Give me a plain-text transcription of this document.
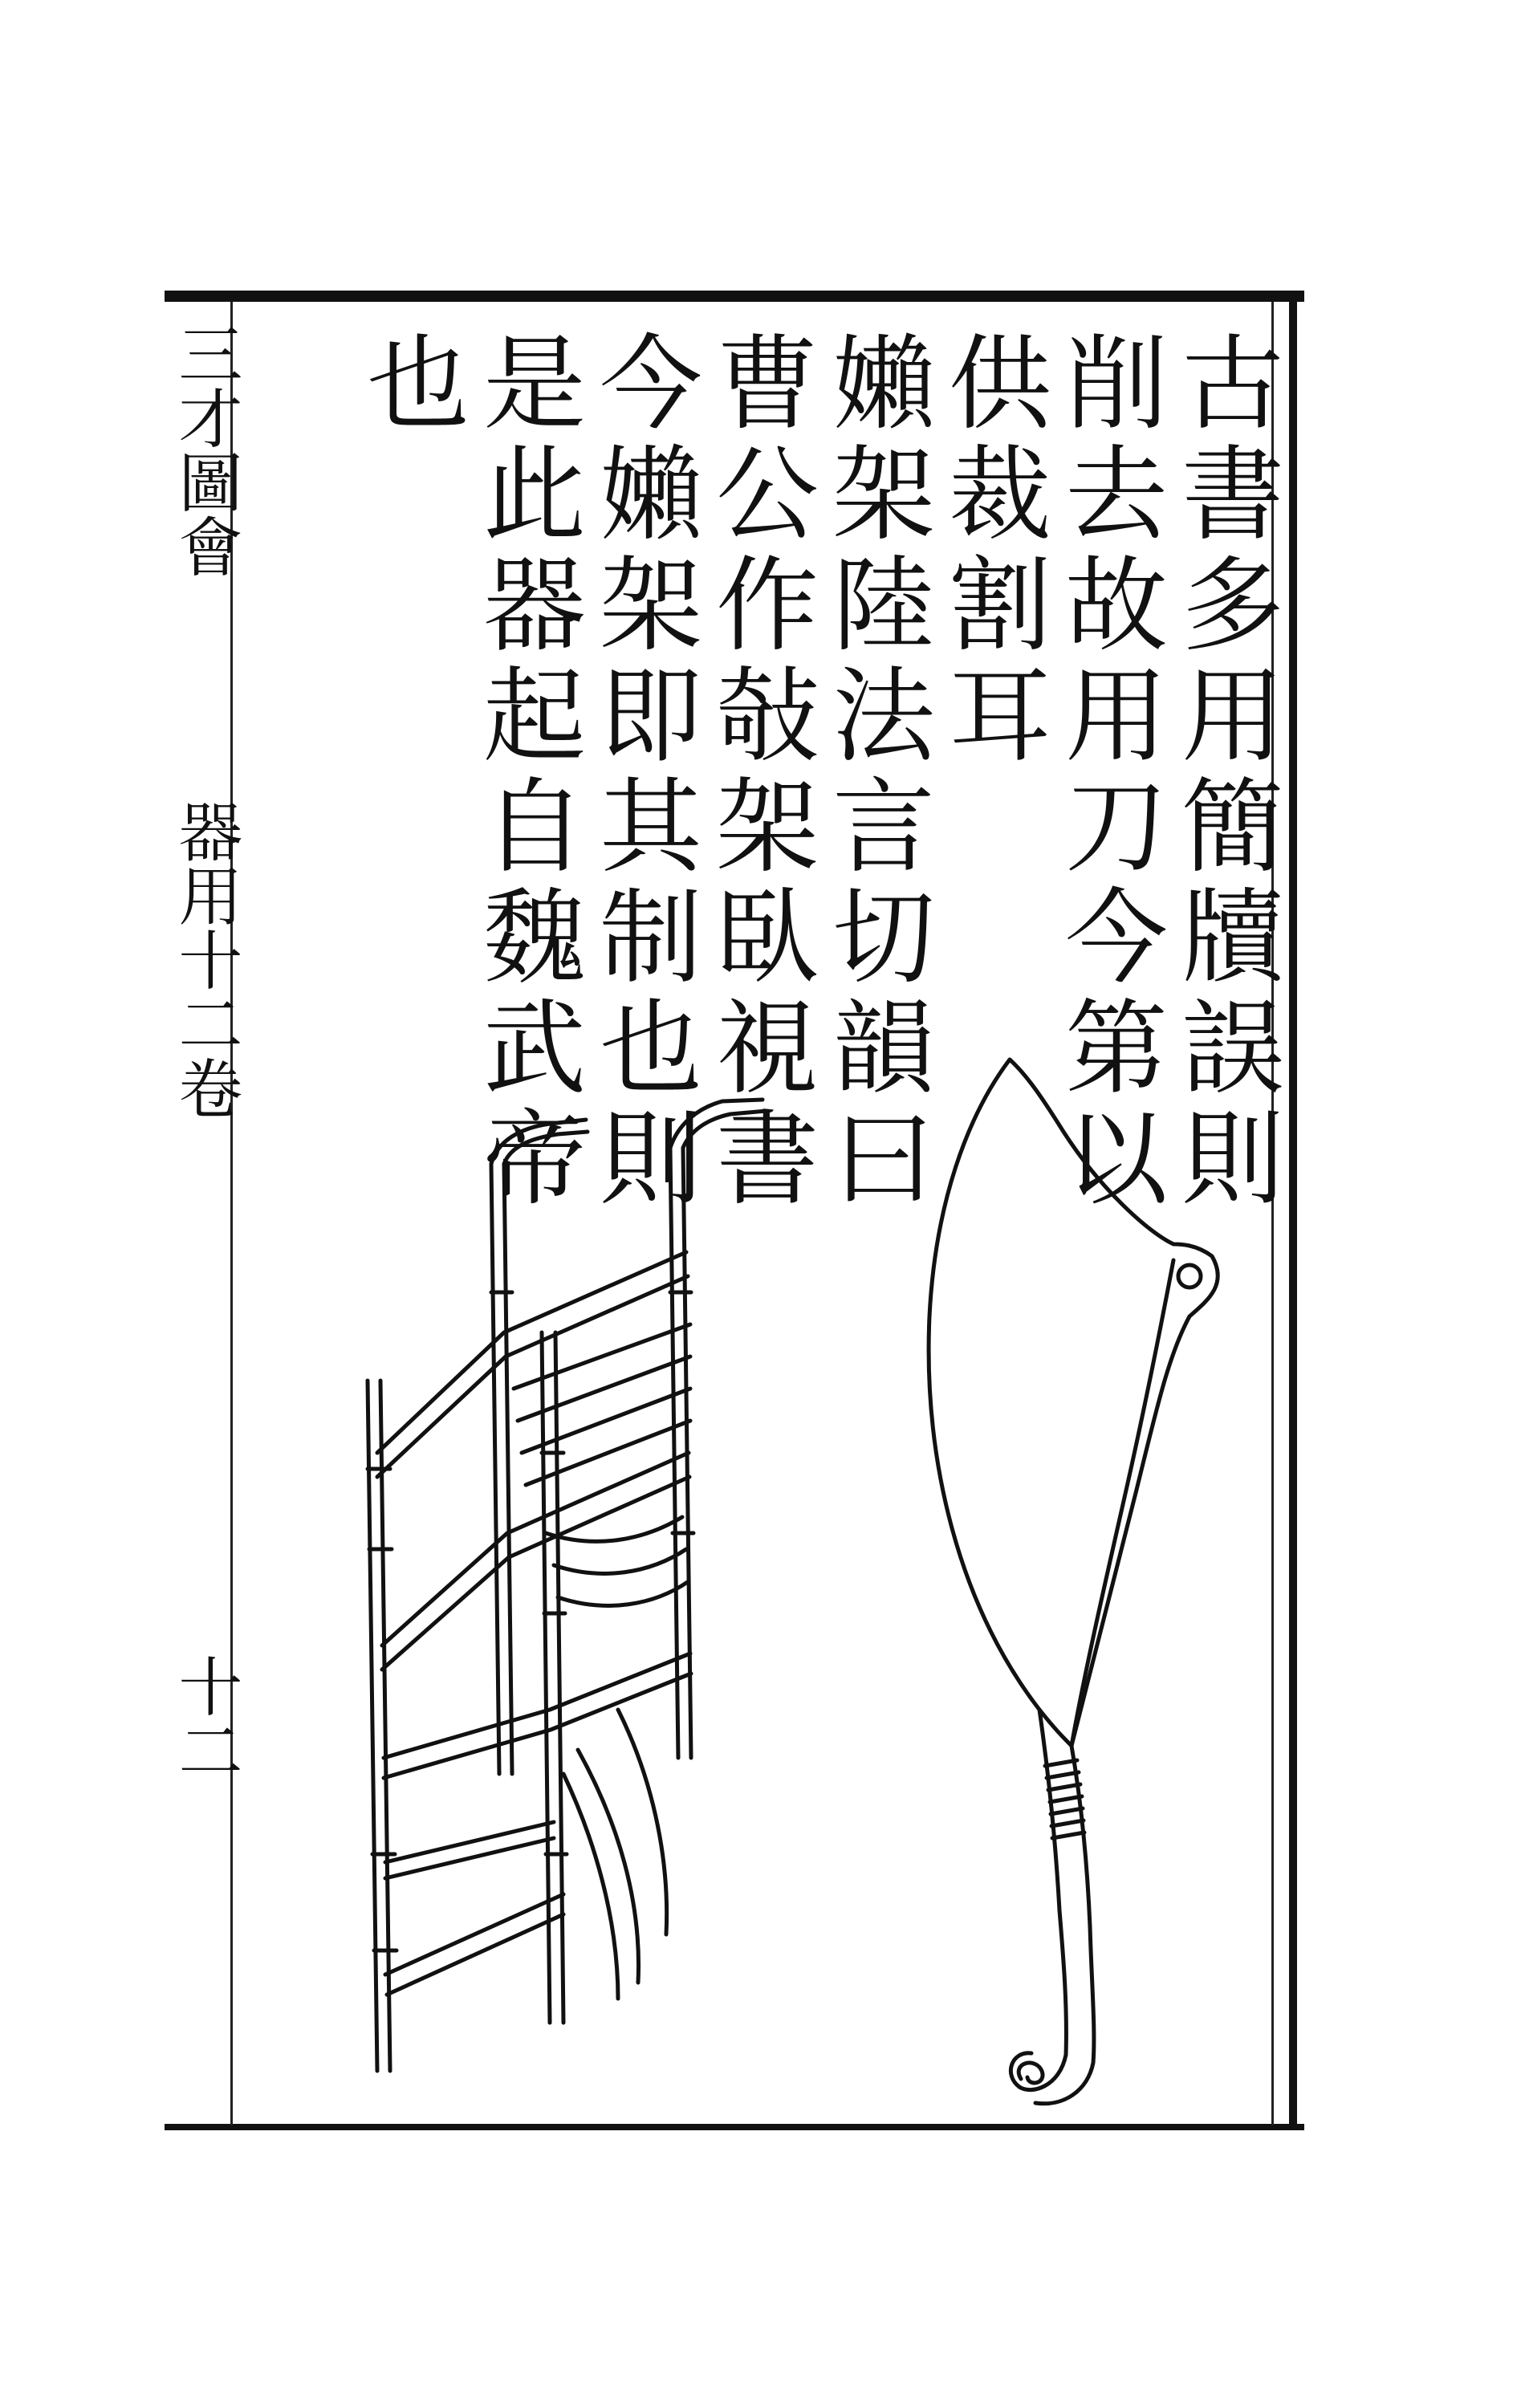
三才圖會
器用十二卷
十二
古書多用簡牘誤則
削去故用刀今第以
供裁割耳
嬾架陸法言切韻曰
曹公作敧架臥視書
今嬾架即其制也則
是此器起自魏武帝
也
